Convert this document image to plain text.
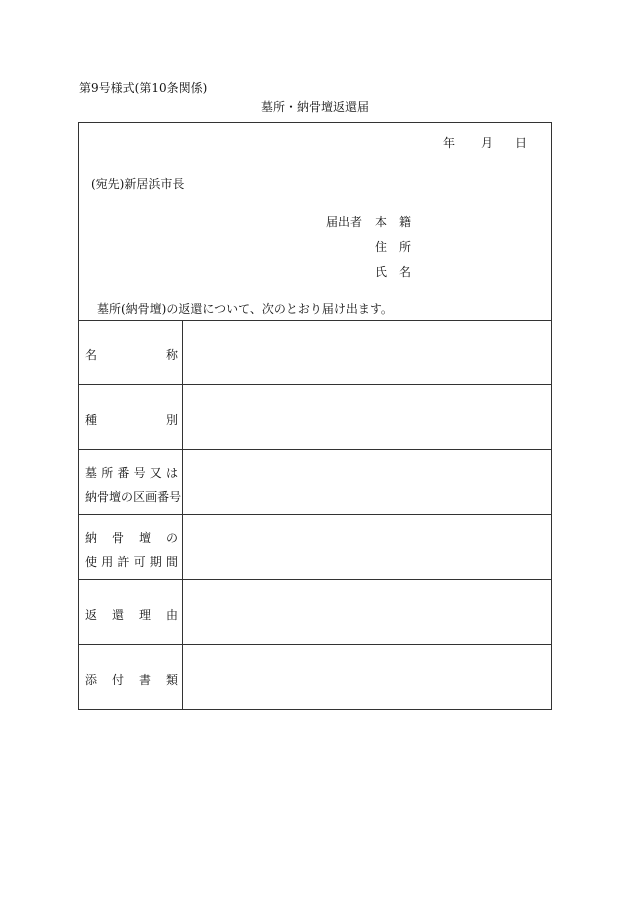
第9号様式(第10条関係)
墓所・納骨壇返還届
年 月 日
(宛先)新居浜市長
届出者 本 籍
住 所
氏 名
墓所(納骨壇)の返還について、次のとおり届け出ます。
名	称
種	別
墓 所 番 号 又 は
納 骨 壇 の 区 画 番 号
納 骨 壇 の
使 用 許 可 期 間
返 還 理 由
添 付 書 類
